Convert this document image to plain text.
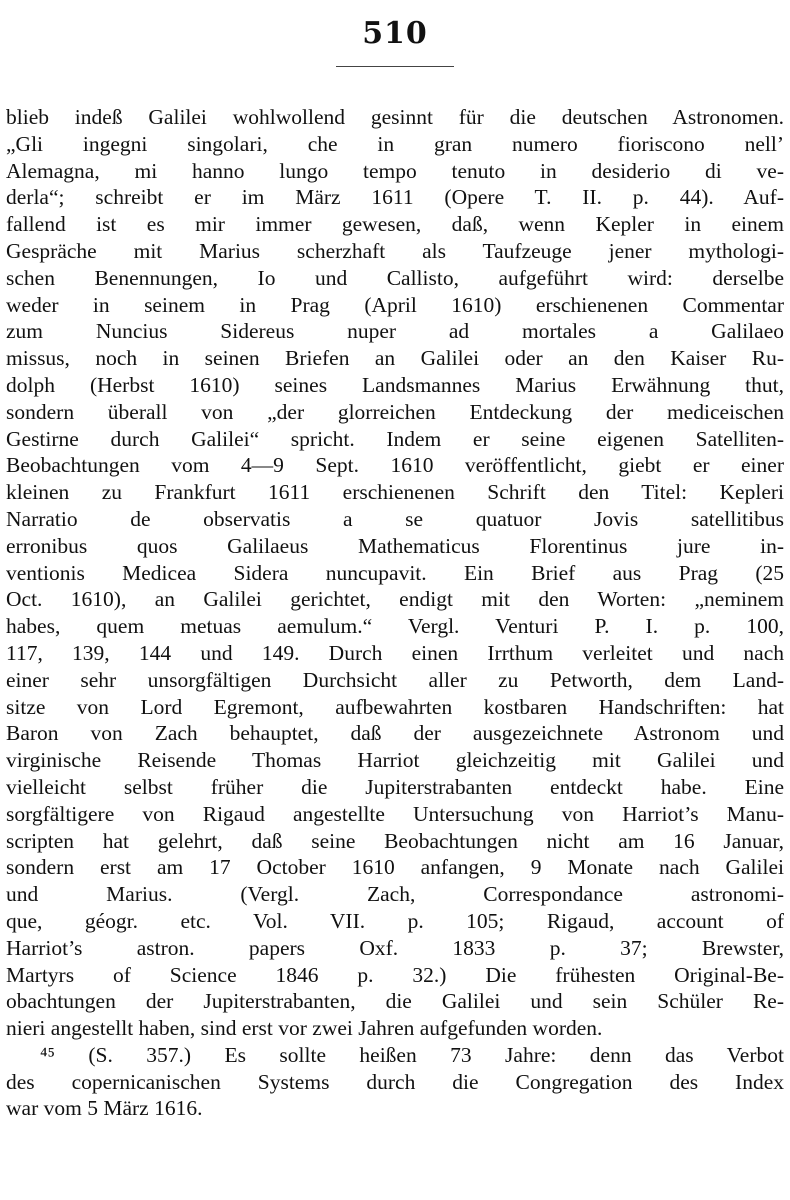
510
blieb indeß Galilei wohlwollend gesinnt für die deutschen Astronomen.
„Gli ingegni singolari, che in gran numero fioriscono nell’
Alemagna, mi hanno lungo tempo tenuto in desiderio di ve-
derla“; schreibt er im März 1611 (Opere T. II. p. 44). Auf-
fallend ist es mir immer gewesen, daß, wenn Kepler in einem
Gespräche mit Marius scherzhaft als Taufzeuge jener mythologi-
schen Benennungen, Io und Callisto, aufgeführt wird: derselbe
weder in seinem in Prag (April 1610) erschienenen Commentar
zum Nuncius Sidereus nuper ad mortales a Galilaeo
missus, noch in seinen Briefen an Galilei oder an den Kaiser Ru-
dolph (Herbst 1610) seines Landsmannes Marius Erwähnung thut,
sondern überall von „der glorreichen Entdeckung der mediceischen
Gestirne durch Galilei“ spricht. Indem er seine eigenen Satelliten-
Beobachtungen vom 4—9 Sept. 1610 veröffentlicht, giebt er einer
kleinen zu Frankfurt 1611 erschienenen Schrift den Titel: Kepleri
Narratio de observatis a se quatuor Jovis satellitibus
erronibus quos Galilaeus Mathematicus Florentinus jure in-
ventionis Medicea Sidera nuncupavit. Ein Brief aus Prag (25
Oct. 1610), an Galilei gerichtet, endigt mit den Worten: „neminem
habes, quem metuas aemulum.“ Vergl. Venturi P. I. p. 100,
117, 139, 144 und 149. Durch einen Irrthum verleitet und nach
einer sehr unsorgfältigen Durchsicht aller zu Petworth, dem Land-
sitze von Lord Egremont, aufbewahrten kostbaren Handschriften: hat
Baron von Zach behauptet, daß der ausgezeichnete Astronom und
virginische Reisende Thomas Harriot gleichzeitig mit Galilei und
vielleicht selbst früher die Jupiterstrabanten entdeckt habe. Eine
sorgfältigere von Rigaud angestellte Untersuchung von Harriot’s Manu-
scripten hat gelehrt, daß seine Beobachtungen nicht am 16 Januar,
sondern erst am 17 October 1610 anfangen, 9 Monate nach Galilei
und Marius. (Vergl. Zach, Correspondance astronomi-
que, géogr. etc. Vol. VII. p. 105; Rigaud, account of
Harriot’s astron. papers Oxf. 1833 p. 37; Brewster,
Martyrs of Science 1846 p. 32.) Die frühesten Original-Be-
obachtungen der Jupiterstrabanten, die Galilei und sein Schüler Re-
nieri angestellt haben, sind erst vor zwei Jahren aufgefunden worden.
⁴⁵ (S. 357.) Es sollte heißen 73 Jahre: denn das Verbot
des copernicanischen Systems durch die Congregation des Index
war vom 5 März 1616.
